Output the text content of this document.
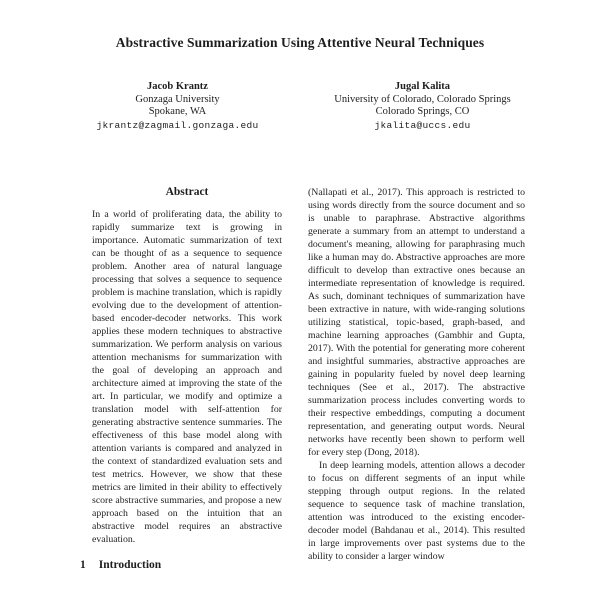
Abstractive Summarization Using Attentive Neural Techniques
Jacob Krantz
Gonzaga University
Spokane, WA
jkrantz@zagmail.gonzaga.edu
Jugal Kalita
University of Colorado, Colorado Springs
Colorado Springs, CO
jkalita@uccs.edu
Abstract
In a world of proliferating data, the ability to rapidly summarize text is growing in importance. Automatic summarization of text can be thought of as a sequence to sequence problem. Another area of natural language processing that solves a sequence to sequence problem is machine translation, which is rapidly evolving due to the development of attention-based encoder-decoder networks. This work applies these modern techniques to abstractive summarization. We perform analysis on various attention mechanisms for summarization with the goal of developing an approach and architecture aimed at improving the state of the art. In particular, we modify and optimize a translation model with self-attention for generating abstractive sentence summaries. The effectiveness of this base model along with attention variants is compared and analyzed in the context of standardized evaluation sets and test metrics. However, we show that these metrics are limited in their ability to effectively score abstractive summaries, and propose a new approach based on the intuition that an abstractive model requires an abstractive evaluation.
1 Introduction

(Nallapati et al., 2017). This approach is restricted to using words directly from the source document and so is unable to paraphrase. Abstractive algorithms generate a summary from an attempt to understand a document's meaning, allowing for paraphrasing much like a human may do. Abstractive approaches are more difficult to develop than extractive ones because an intermediate representation of knowledge is required. As such, dominant techniques of summarization have been extractive in nature, with wide-ranging solutions utilizing statistical, topic-based, graph-based, and machine learning approaches (Gambhir and Gupta, 2017). With the potential for generating more coherent and insightful summaries, abstractive approaches are gaining in popularity fueled by novel deep learning techniques (See et al., 2017). The abstractive summarization process includes converting words to their respective embeddings, computing a document representation, and generating output words. Neural networks have recently been shown to perform well for every step (Dong, 2018).

In deep learning models, attention allows a decoder to focus on different segments of an input while stepping through output regions. In the related sequence to sequence task of machine translation, attention was introduced to the existing encoder-decoder model (Bahdanau et al., 2014). This resulted in large improvements over past systems due to the ability to consider a larger window
